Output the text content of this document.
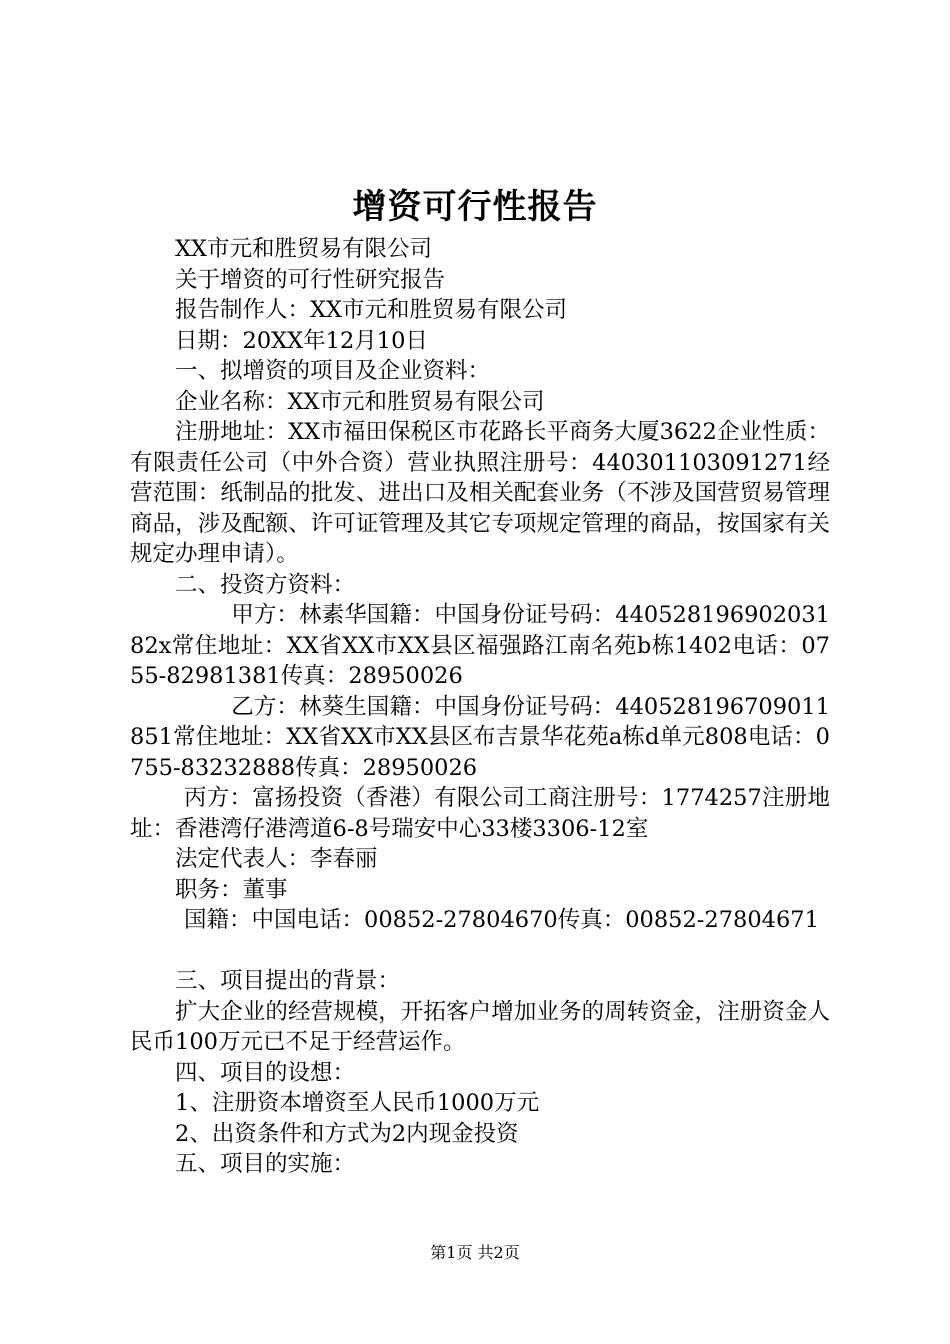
增资可行性报告

XX市元和胜贸易有限公司

关于增资的可行性研究报告

报告制作人：XX市元和胜贸易有限公司

日期：20XX年12月10日

一、拟增资的项目及企业资料：

企业名称：XX市元和胜贸易有限公司

注册地址：XX市福田保税区市花路长平商务大厦3622企业性质：有限责任公司（中外合资）营业执照注册号：440301103091271经营范围：纸制品的批发、进出口及相关配套业务（不涉及国营贸易管理商品，涉及配额、许可证管理及其它专项规定管理的商品，按国家有关规定办理申请）。

二、投资方资料：

甲方：林素华国籍：中国身份证号码：44052819690203182x常住地址：XX省XX市XX县区福强路江南名苑b栋1402电话：0755-82981381传真：28950026

乙方：林葵生国籍：中国身份证号码：440528196709011851常住地址：XX省XX市XX县区布吉景华花苑a栋d单元808电话：0755-83232888传真：28950026

丙方：富扬投资（香港）有限公司工商注册号：1774257注册地址：香港湾仔港湾道6-8号瑞安中心33楼3306-12室

法定代表人：李春丽

职务：董事

国籍：中国电话：00852-27804670传真：00852-27804671

三、项目提出的背景：

扩大企业的经营规模，开拓客户增加业务的周转资金，注册资金人民币100万元已不足于经营运作。

四、项目的设想：

1、注册资本增资至人民币1000万元

2、出资条件和方式为2内现金投资

五、项目的实施：

第1页 共2页
